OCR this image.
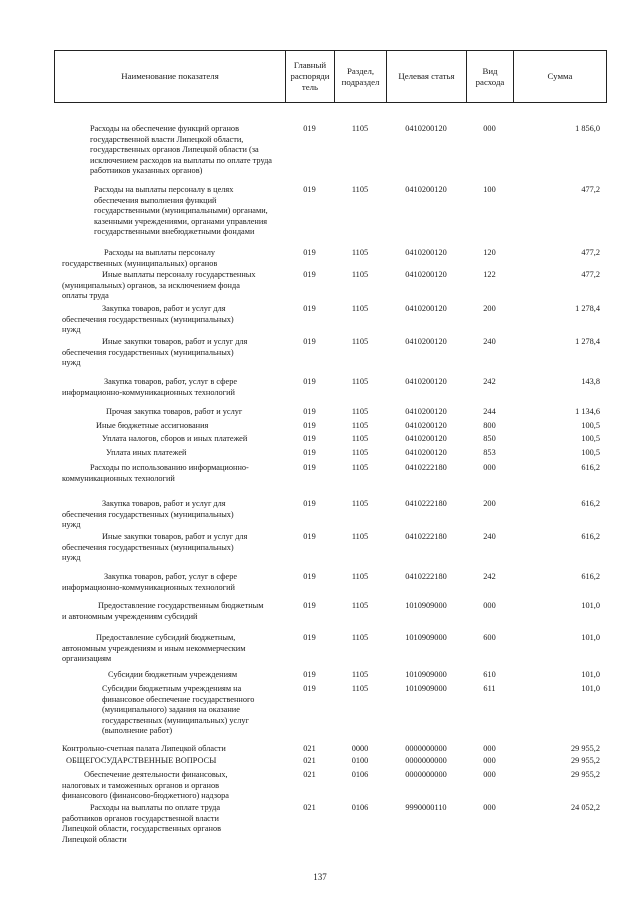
Наименование показателя	Главный распоряди тель	Раздел, подраздел	Целевая статья	Вид расхода	Сумма
Расходы на обеспечение функций органов
государственной власти Липецкой области,
государственных органов Липецкой области (за
исключением расходов на выплаты по оплате труда
работников указанных органов)
019	1105	0410200120	000	1 856,0
Расходы на выплаты персоналу в целях
обеспечения выполнения функций
государственными (муниципальными) органами,
казенными учреждениями, органами управления
государственными внебюджетными фондами
019	1105	0410200120	100	477,2
Расходы на выплаты персоналу
государственных (муниципальных) органов
019	1105	0410200120	120	477,2
Иные выплаты персоналу государственных
(муниципальных) органов, за исключением фонда
оплаты труда
019	1105	0410200120	122	477,2
Закупка товаров, работ и услуг для
обеспечения государственных (муниципальных)
нужд
019	1105	0410200120	200	1 278,4
Иные закупки товаров, работ и услуг для
обеспечения государственных (муниципальных)
нужд
019	1105	0410200120	240	1 278,4
Закупка товаров, работ, услуг в сфере
информационно-коммуникационных технологий
019	1105	0410200120	242	143,8
Прочая закупка товаров, работ и услуг	019	1105	0410200120	244	1 134,6
Иные бюджетные ассигнования	019	1105	0410200120	800	100,5
Уплата налогов, сборов и иных платежей	019	1105	0410200120	850	100,5
Уплата иных платежей	019	1105	0410200120	853	100,5
Расходы по использованию информационно-
коммуникационных технологий
019	1105	0410222180	000	616,2
Закупка товаров, работ и услуг для
обеспечения государственных (муниципальных)
нужд
019	1105	0410222180	200	616,2
Иные закупки товаров, работ и услуг для
обеспечения государственных (муниципальных)
нужд
019	1105	0410222180	240	616,2
Закупка товаров, работ, услуг в сфере
информационно-коммуникационных технологий
019	1105	0410222180	242	616,2
Предоставление государственным бюджетным
и автономным учреждениям субсидий
019	1105	1010909000	000	101,0
Предоставление субсидий бюджетным,
автономным учреждениям и иным некоммерческим
организациям
019	1105	1010909000	600	101,0
Субсидии бюджетным учреждениям	019	1105	1010909000	610	101,0
Субсидии бюджетным учреждениям на
финансовое обеспечение государственного
(муниципального) задания на оказание
государственных (муниципальных) услуг
(выполнение работ)
019	1105	1010909000	611	101,0
Контрольно-счетная палата Липецкой области	021	0000	0000000000	000	29 955,2
ОБЩЕГОСУДАРСТВЕННЫЕ ВОПРОСЫ	021	0100	0000000000	000	29 955,2
Обеспечение деятельности финансовых,
налоговых и таможенных органов и органов
финансового (финансово-бюджетного) надзора
021	0106	0000000000	000	29 955,2
Расходы на выплаты по оплате труда
работников органов государственной власти
Липецкой области, государственных органов
Липецкой области
021	0106	9990000110	000	24 052,2
137
